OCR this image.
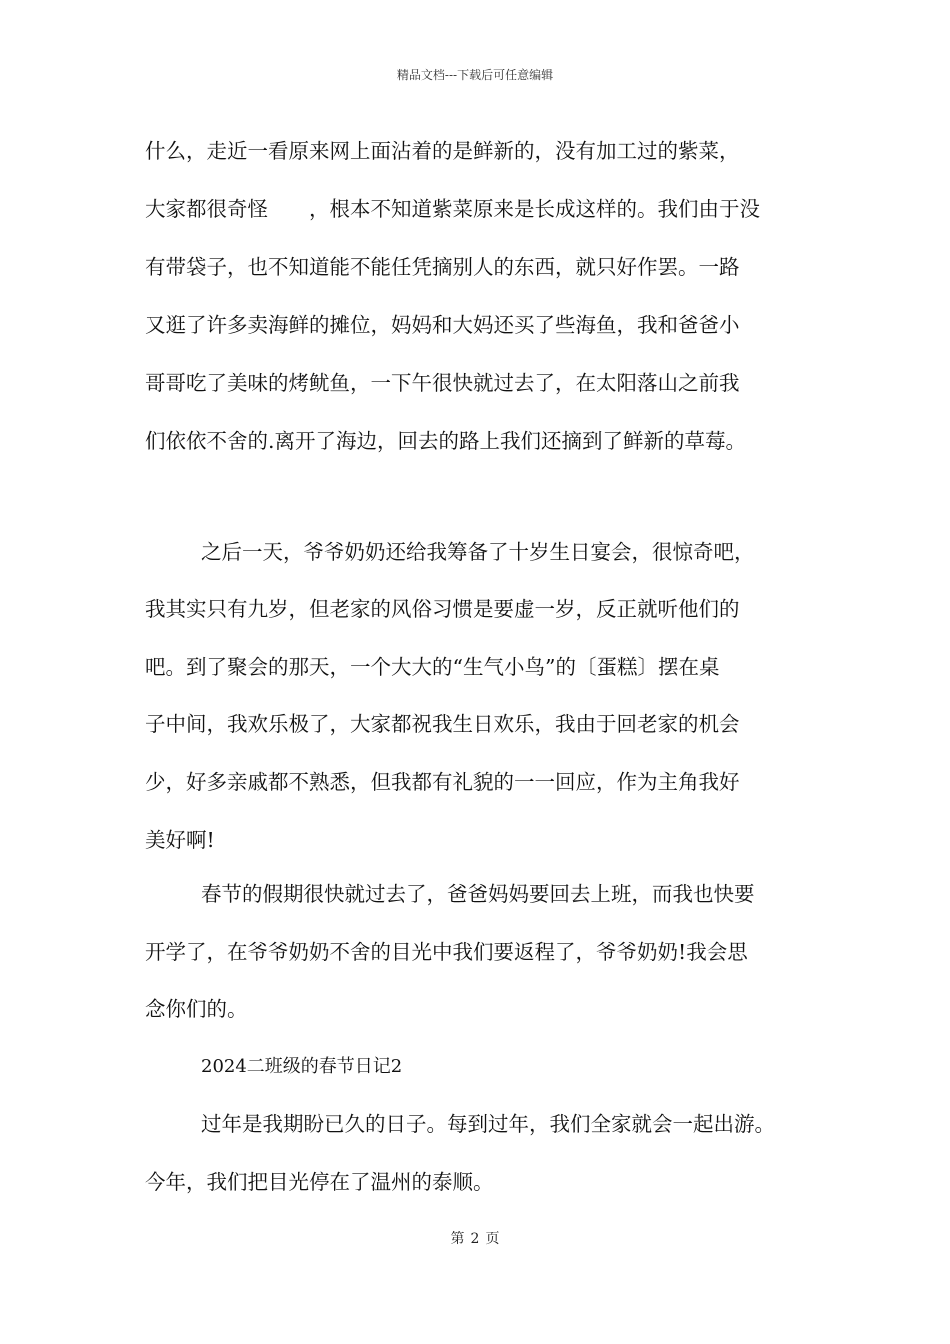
精品文档---下载后可任意编辑
什么，走近一看原来网上面沾着的是鲜新的，没有加工过的紫菜，
大家都很奇怪　　，根本不知道紫菜原来是长成这样的。我们由于没
有带袋子，也不知道能不能任凭摘别人的东西，就只好作罢。一路
又逛了许多卖海鲜的摊位，妈妈和大妈还买了些海鱼，我和爸爸小
哥哥吃了美味的烤鱿鱼，一下午很快就过去了，在太阳落山之前我
们依依不舍的.离开了海边，回去的路上我们还摘到了鲜新的草莓。
之后一天，爷爷奶奶还给我筹备了十岁生日宴会，很惊奇吧，
我其实只有九岁，但老家的风俗习惯是要虚一岁，反正就听他们的
吧。到了聚会的那天，一个大大的“生气小鸟”的〔蛋糕〕摆在桌
子中间，我欢乐极了，大家都祝我生日欢乐，我由于回老家的机会
少，好多亲戚都不熟悉，但我都有礼貌的一一回应，作为主角我好
美好啊!
春节的假期很快就过去了，爸爸妈妈要回去上班，而我也快要
开学了，在爷爷奶奶不舍的目光中我们要返程了，爷爷奶奶!我会思
念你们的。
2024二班级的春节日记2
过年是我期盼已久的日子。每到过年，我们全家就会一起出游。
今年，我们把目光停在了温州的泰顺。
第 2 页
